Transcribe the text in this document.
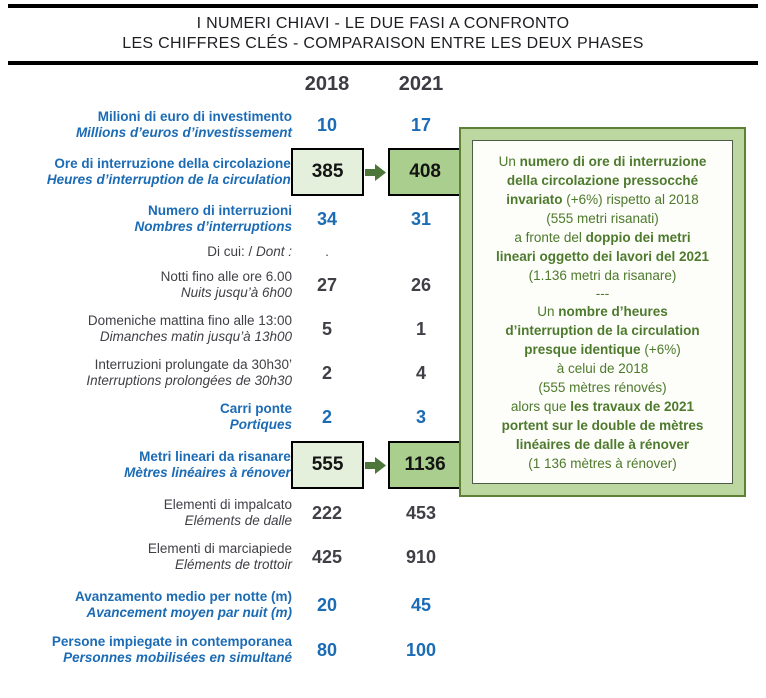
I NUMERI CHIAVI - LE DUE FASI A CONFRONTO
LES CHIFFRES CLÉS - COMPARAISON ENTRE LES DEUX PHASES
2018	2021
Milioni di euro di investimento
Millions d’euros d’investissement	10	17
Ore di interruzione della circolazione
Heures d’interruption de la circulation	385	408
Numero di interruzioni
Nombres d’interruptions	34	31
Di cui: / Dont :	.
Notti fino alle ore 6.00
Nuits jusqu’à 6h00	27	26
Domeniche mattina fino alle 13:00
Dimanches matin jusqu’à 13h00	5	1
Interruzioni prolungate da 30h30’
Interruptions prolongées de 30h30	2	4
Carri ponte
Portiques	2	3
Metri lineari da risanare
Mètres linéaires à rénover	555	1136
Elementi di impalcato
Eléments de dalle	222	453
Elementi di marciapiede
Eléments de trottoir	425	910
Avanzamento medio per notte (m)
Avancement moyen par nuit (m)	20	45
Persone impiegate in contemporanea
Personnes mobilisées en simultané	80	100
Un numero di ore di interruzione
della circolazione pressocché
invariato (+6%) rispetto al 2018
(555 metri risanati)
a fronte del doppio dei metri
lineari oggetto dei lavori del 2021
(1.136 metri da risanare)
---
Un nombre d’heures
d’interruption de la circulation
presque identique (+6%)
à celui de 2018
(555 mètres rénovés)
alors que les travaux de 2021
portent sur le double de mètres
linéaires de dalle à rénover
(1 136 mètres à rénover)
